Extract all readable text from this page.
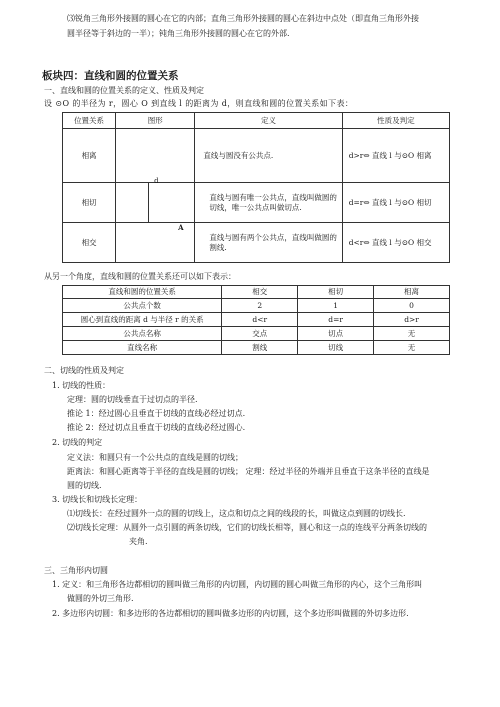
⑶锐角三角形外接圆的圆心在它的内部；直角三角形外接圆的圆心在斜边中点处（即直角三角形外接
圆半径等于斜边的一半）；钝角三角形外接圆的圆心在它的外部.
板块四：直线和圆的位置关系
一、直线和圆的位置关系的定义、性质及判定
设 ⊙O 的半径为 r，圆心 O 到直线 l 的距离为 d，则直线和圆的位置关系如下表：
位置关系	图形	定义	性质及判定
相离	d	直线与圆没有公共点.	d>r⇔ 直线 l 与⊙O 相离
相切		直线与圆有唯一公共点，直线叫做圆的切线，唯一公共点叫做切点.	d=r⇔ 直线 l 与⊙O 相切
相交	A	直线与圆有两个公共点，直线叫做圆的割线.	d<r⇔ 直线 l 与⊙O 相交
从另一个角度，直线和圆的位置关系还可以如下表示：
直线和圆的位置关系	相交	相切	相离
公共点个数	2	1	0
圆心到直线的距离 d 与半径 r 的关系	d<r	d=r	d>r
公共点名称	交点	切点	无
直线名称	割线	切线	无
二、切线的性质及判定
1. 切线的性质：
定理：圆的切线垂直于过切点的半径.
推论 1：经过圆心且垂直于切线的直线必经过切点.
推论 2：经过切点且垂直于切线的直线必经过圆心.
2. 切线的判定
定义法：和圆只有一个公共点的直线是圆的切线；
距离法：和圆心距离等于半径的直线是圆的切线； 定理：经过半径的外端并且垂直于这条半径的直线是
圆的切线.
3. 切线长和切线长定理：
⑴切线长：在经过圆外一点的圆的切线上，这点和切点之间的线段的长，叫做这点到圆的切线长.
⑵切线长定理：从圆外一点引圆的两条切线，它们的切线长相等，圆心和这一点的连线平分两条切线的
夹角.
三、三角形内切圆
1. 定义：和三角形各边都相切的圆叫做三角形的内切圆，内切圆的圆心叫做三角形的内心，这个三角形叫
做圆的外切三角形.
2. 多边形内切圆：和多边形的各边都相切的圆叫做多边形的内切圆，这个多边形叫做圆的外切多边形.
